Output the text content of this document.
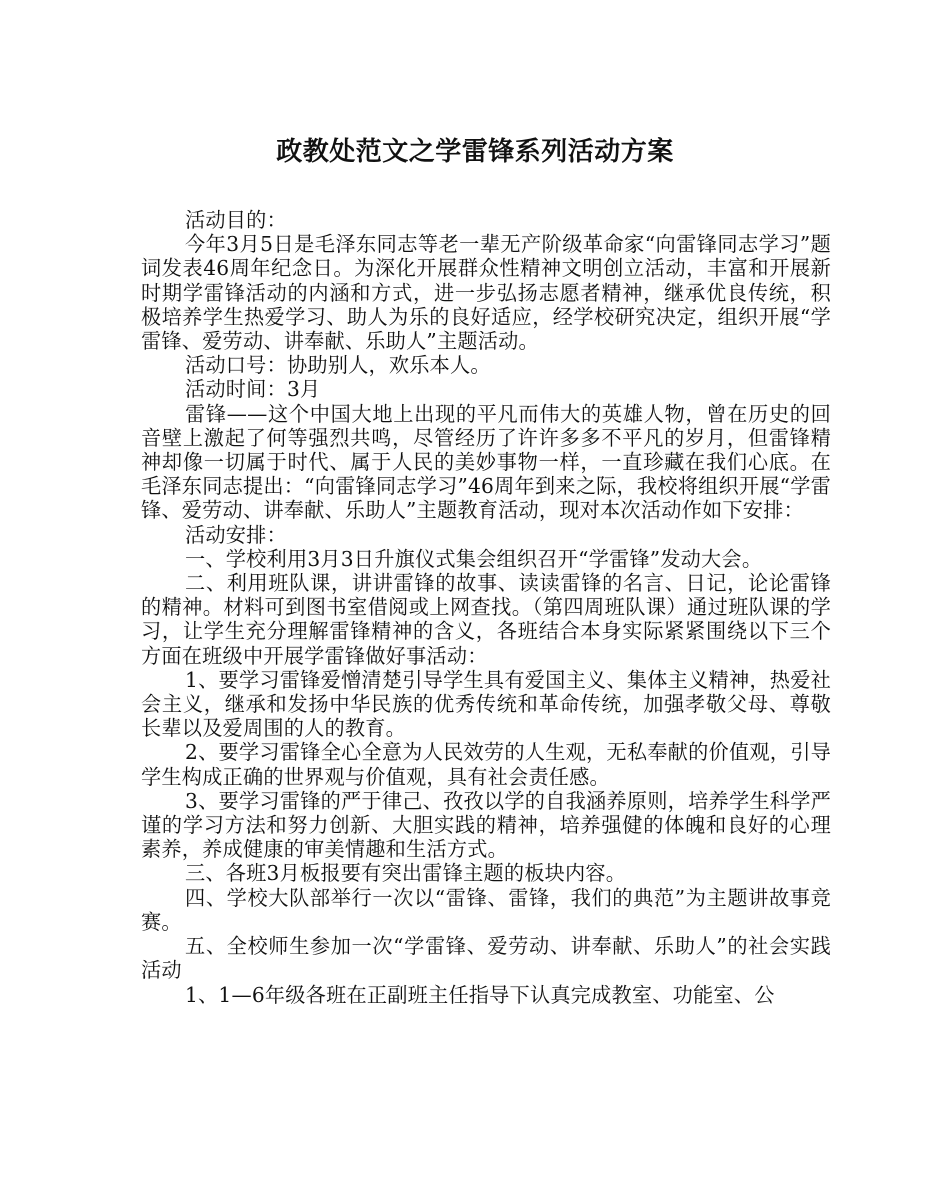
政教处范文之学雷锋系列活动方案

活动目的：

今年3月5日是毛泽东同志等老一辈无产阶级革命家“向雷锋同志学习”题词发表46周年纪念日。为深化开展群众性精神文明创立活动，丰富和开展新时期学雷锋活动的内涵和方式，进一步弘扬志愿者精神，继承优良传统，积极培养学生热爱学习、助人为乐的良好适应，经学校研究决定，组织开展“学雷锋、爱劳动、讲奉献、乐助人”主题活动。

活动口号：协助别人，欢乐本人。

活动时间：3月

雷锋——这个中国大地上出现的平凡而伟大的英雄人物，曾在历史的回音壁上激起了何等强烈共鸣，尽管经历了许许多多不平凡的岁月，但雷锋精神却像一切属于时代、属于人民的美妙事物一样，一直珍藏在我们心底。在毛泽东同志提出：“向雷锋同志学习”46周年到来之际，我校将组织开展“学雷锋、爱劳动、讲奉献、乐助人”主题教育活动，现对本次活动作如下安排：

活动安排：

一、学校利用3月3日升旗仪式集会组织召开“学雷锋”发动大会。

二、利用班队课，讲讲雷锋的故事、读读雷锋的名言、日记，论论雷锋的精神。材料可到图书室借阅或上网查找。（第四周班队课）通过班队课的学习，让学生充分理解雷锋精神的含义，各班结合本身实际紧紧围绕以下三个方面在班级中开展学雷锋做好事活动：

1、要学习雷锋爱憎清楚引导学生具有爱国主义、集体主义精神，热爱社会主义，继承和发扬中华民族的优秀传统和革命传统，加强孝敬父母、尊敬长辈以及爱周围的人的教育。

2、要学习雷锋全心全意为人民效劳的人生观，无私奉献的价值观，引导学生构成正确的世界观与价值观，具有社会责任感。

3、要学习雷锋的严于律己、孜孜以学的自我涵养原则，培养学生科学严谨的学习方法和努力创新、大胆实践的精神，培养强健的体魄和良好的心理素养，养成健康的审美情趣和生活方式。

三、各班3月板报要有突出雷锋主题的板块内容。

四、学校大队部举行一次以“雷锋、雷锋，我们的典范”为主题讲故事竞赛。

五、全校师生参加一次“学雷锋、爱劳动、讲奉献、乐助人”的社会实践活动

1、1—6年级各班在正副班主任指导下认真完成教室、功能室、公
